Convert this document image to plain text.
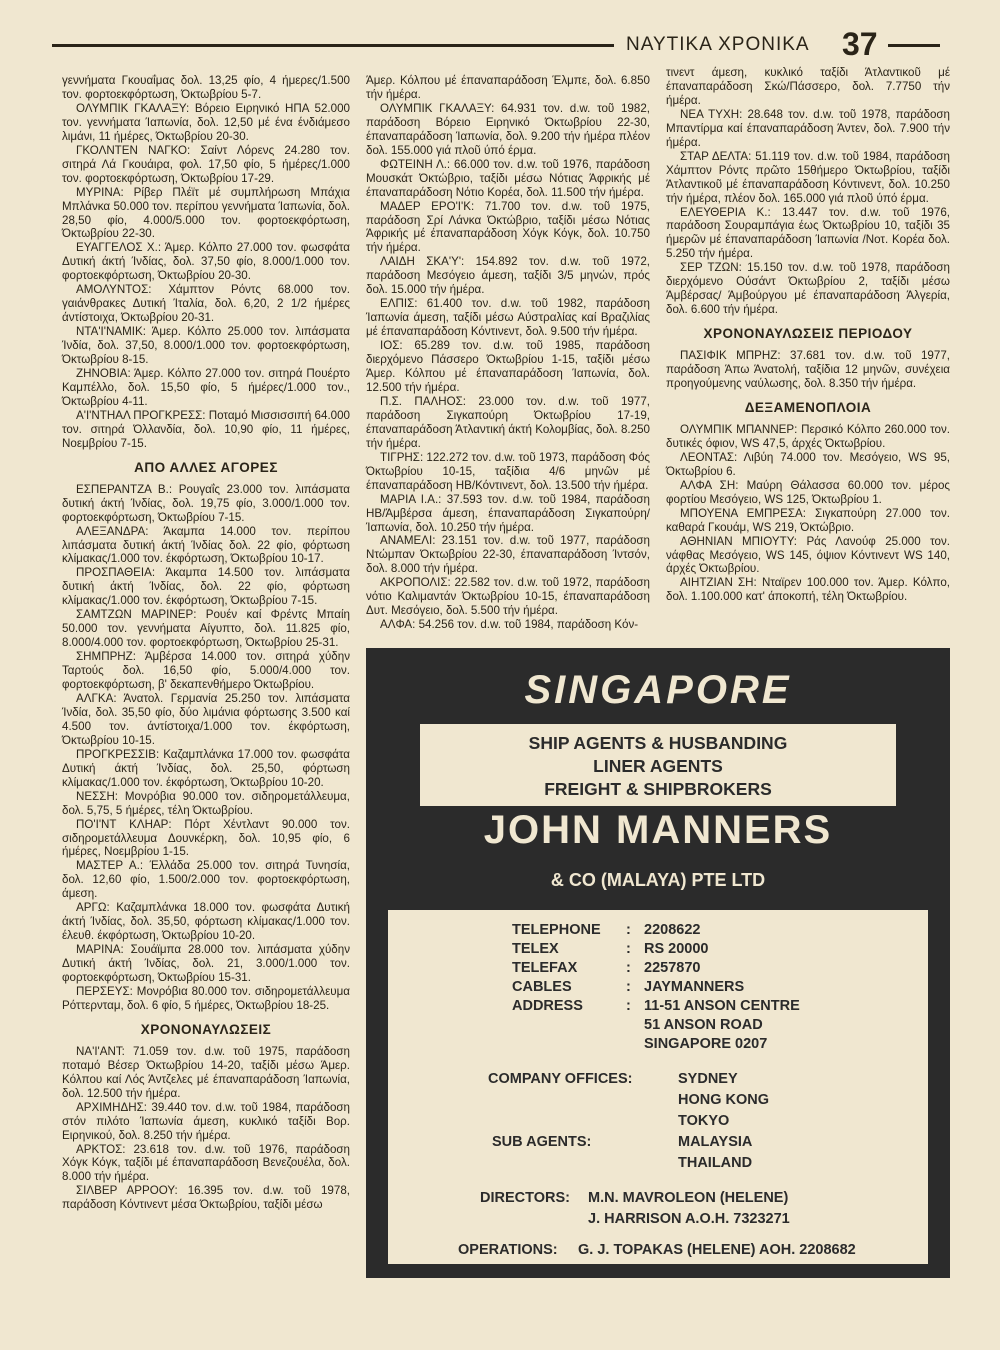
ΝΑΥΤΙΚΑ ΧΡΟΝΙΚΑ 37

γεννήματα Γκουαΐμας δολ. 13,25 φίο, 4 ήμερες/1.500 τον. φορτοεκφόρτωση, Όκτωβρίου 5-7.

ΟΛΥΜΠΙΚ ΓΚΑΛΑΞΥ: Βόρειο Ειρηνικό ΗΠΑ 52.000 τον. γεννήματα Ίαπωνία, δολ. 12,50 μέ ένα ένδιάμεσο λιμάνι, 11 ήμέρες, Όκτωβρίου 20-30.

ΓΚΟΛΝΤΕΝ ΝΑΓΚΟ: Σαίντ Λόρενς 24.280 τον. σιτηρά Λά Γκουάιρα, φολ. 17,50 φίο, 5 ήμέρες/1.000 τον. φορτοεκφόρτωση, Όκτωβρίου 17-29.

ΜΥΡΙΝΑ: Ρίβερ Πλέϊτ μέ συμπλήρωση Μπάχια Μπλάνκα 50.000 τον. περίπου γεννήματα Ίαπωνία, δολ. 28,50 φίο, 4.000/5.000 τον. φορτοεκφόρτωση, Όκτωβρίου 22-30.

ΕΥΑΓΓΕΛΟΣ Χ.: Άμερ. Κόλπο 27.000 τον. φωσφάτα Δυτική άκτή Ίνδίας, δολ. 37,50 φίο, 8.000/1.000 τον. φορτοεκφόρτωση, Όκτωβρίου 20-30.

ΑΜΟΛΥΝΤΟΣ: Χάμπτον Ρόντς 68.000 τον. γαιάνθρακες Δυτική Ίταλία, δολ. 6,20, 2 1/2 ήμέρες άντίστοιχα, Όκτωβρίου 20-31.

ΝΤΑ'Ι'ΝΑΜΙΚ: Άμερ. Κόλπο 25.000 τον. λιπάσματα Ίνδία, δολ. 37,50, 8.000/1.000 τον. φορτοεκφόρτωση, Όκτωβρίου 8-15.

ΖΗΝΟΒΙΑ: Άμερ. Κόλπο 27.000 τον. σιτηρά Πουέρτο Καμπέλλο, δολ. 15,50 φίο, 5 ήμέρες/1.000 τον., Όκτωβρίου 4-11.

Α'Ι'ΝΤΗΑΛ ΠΡΟΓΚΡΕΣΣ: Ποταμό Μισσισσιπή 64.000 τον. σιτηρά Όλλανδία, δολ. 10,90 φίο, 11 ήμέρες, Νοεμβρίου 7-15.

ΑΠΟ ΑΛΛΕΣ ΑΓΟΡΕΣ

ΕΣΠΕΡΑΝΤΖΑ Β.: Ρουγαΐς 23.000 τον. λιπάσματα δυτική άκτή Ίνδίας, δολ. 19,75 φίο, 3.000/1.000 τον. φορτοεκφόρτωση, Όκτωβρίου 7-15.

ΑΛΕΞΑΝΔΡΑ: Άκαμπα 14.000 τον. περίπου λιπάσματα δυτική άκτή Ίνδίας δολ. 22 φίο, φόρτωση κλίμακας/1.000 τον. έκφόρτωση, Όκτωβρίου 10-17.

ΠΡΟΣΠΑΘΕΙΑ: Άκαμπα 14.500 τον. λιπάσματα δυτική άκτή Ίνδίας, δολ. 22 φίο, φόρτωση κλίμακας/1.000 τον. έκφόρτωση, Όκτωβρίου 7-15.

ΣΑΜΤΖΩΝ ΜΑΡΙΝΕΡ: Ρουέν καί Φρέντς Μπαίη 50.000 τον. γεννήματα Αίγυπτο, δολ. 11.825 φίο, 8.000/4.000 τον. φορτοεκφόρτωση, Όκτωβρίου 25-31.

ΣΗΜΠΡΗΖ: Άμβέρσα 14.000 τον. σιτηρά χύδην Ταρτούς δολ. 16,50 φίο, 5.000/4.000 τον. φορτοεκφόρτωση, β' δεκαπενθήμερο Όκτωβρίου.

ΑΛΓΚΑ: Άνατολ. Γερμανία 25.250 τον. λιπάσματα Ίνδία, δολ. 35,50 φίο, δύο λιμάνια φόρτωσης 3.500 καί 4.500 τον. άντίστοιχα/1.000 τον. έκφόρτωση, Όκτωβρίου 10-15.

ΠΡΟΓΚΡΕΣΣΙΒ: Καζαμπλάνκα 17.000 τον. φωσφάτα Δυτική άκτή Ίνδίας, δολ. 25,50, φόρτωση κλίμακας/1.000 τον. έκφόρτωση, Όκτωβρίου 10-20.

ΝΕΣΣΗ: Μονρόβια 90.000 τον. σιδηρομετάλλευμα, δολ. 5,75, 5 ήμέρες, τέλη Όκτωβρίου.

ΠΟ'Ι'ΝΤ ΚΛΗΑΡ: Πόρτ Χέντλαντ 90.000 τον. σιδηρομετάλλευμα Δουνκέρκη, δολ. 10,95 φίο, 6 ήμέρες, Νοεμβρίου 1-15.

ΜΑΣΤΕΡ Α.: Έλλάδα 25.000 τον. σιτηρά Τυνησία, δολ. 12,60 φίο, 1.500/2.000 τον. φορτοεκφόρτωση, άμεση.

ΑΡΓΩ: Καζαμπλάνκα 18.000 τον. φωσφάτα Δυτική άκτή Ίνδίας, δολ. 35,50, φόρτωση κλίμακας/1.000 τον. έλευθ. έκφόρτωση, Όκτωβρίου 10-20.

ΜΑΡΙΝΑ: Σουάϊμπα 28.000 τον. λιπάσματα χύδην Δυτική άκτή Ίνδίας, δολ. 21, 3.000/1.000 τον. φορτοεκφόρτωση, Όκτωβρίου 15-31.

ΠΕΡΣΕΥΣ: Μονρόβια 80.000 τον. σιδηρομετάλλευμα Ρόττερνταμ, δολ. 6 φίο, 5 ήμέρες, Όκτωβρίου 18-25.

ΧΡΟΝΟΝΑΥΛΩΣΕΙΣ

ΝΑ'Ι'ΑΝΤ: 71.059 τον. d.w. τοῦ 1975, παράδοση ποταμό Βέσερ Όκτωβρίου 14-20, ταξίδι μέσω Άμερ. Κόλπου καί Λός Άντζελες μέ έπαναπαράδοση Ίαπωνία, δολ. 12.500 τήν ήμέρα.

ΑΡΧΙΜΗΔΗΣ: 39.440 τον. d.w. τοῦ 1984, παράδοση στόν πιλότο Ίαπωνία άμεση, κυκλικό ταξίδι Βορ. Ειρηνικού, δολ. 8.250 τήν ήμέρα.

ΑΡΚΤΟΣ: 23.618 τον. d.w. τοῦ 1976, παράδοση Χόγκ Κόγκ, ταξίδι μέ έπαναπαράδοση Βενεζουέλα, δολ. 8.000 τήν ήμέρα.

ΣΙΛΒΕΡ ΑΡΡΟΟΥ: 16.395 τον. d.w. τοῦ 1978, παράδοση Κόντινεντ μέσα Όκτωβρίου, ταξίδι μέσω

Άμερ. Κόλπου μέ έπαναπαράδοση Έλμπε, δολ. 6.850 τήν ήμέρα.

ΟΛΥΜΠΙΚ ΓΚΑΛΑΞΥ: 64.931 τον. d.w. τοῦ 1982, παράδοση Βόρειο Ειρηνικό Όκτωβρίου 22-30, έπαναπαράδοση Ίαπωνία, δολ. 9.200 τήν ήμέρα πλέον δολ. 155.000 γιά πλοῦ ύπό έρμα.

ΦΩΤΕΙΝΗ Λ.: 66.000 τον. d.w. τοῦ 1976, παράδοση Μουσκάτ Όκτώβριο, ταξίδι μέσω Νότιας Άφρικής μέ έπαναπαράδοση Νότιο Κορέα, δολ. 11.500 τήν ήμέρα.

ΜΑΔΕΡ ΕΡΟ'Ι'Κ: 71.700 τον. d.w. τοῦ 1975, παράδοση Σρί Λάνκα Όκτώβριο, ταξίδι μέσω Νότιας Άφρικής μέ έπαναπαράδοση Χόγκ Κόγκ, δολ. 10.750 τήν ήμέρα.

ΛΑΙΔΗ ΣΚΑ'Υ': 154.892 τον. d.w. τοῦ 1972, παράδοση Μεσόγειο άμεση, ταξίδι 3/5 μηνών, πρός δολ. 15.000 τήν ήμέρα.

ΕΛΠΙΣ: 61.400 τον. d.w. τοῦ 1982, παράδοση Ίαπωνία άμεση, ταξίδι μέσω Αύστραλίας καί Βραζιλίας μέ έπαναπαράδοση Κόντινεντ, δολ. 9.500 τήν ήμέρα.

ΙΟΣ: 65.289 τον. d.w. τοῦ 1985, παράδοση διερχόμενο Πάσσερο Όκτωβρίου 1-15, ταξίδι μέσω Άμερ. Κόλπου μέ έπαναπαράδοση Ίαπωνία, δολ. 12.500 τήν ήμέρα.

Π.Σ. ΠΑΛΗΟΣ: 23.000 τον. d.w. τοῦ 1977, παράδοση Σιγκαπούρη Όκτωβρίου 17-19, έπαναπαράδοση Άτλαντική άκτή Κολομβίας, δολ. 8.250 τήν ήμέρα.

ΤΙΓΡΗΣ: 122.272 τον. d.w. τοῦ 1973, παράδοση Φός Όκτωβρίου 10-15, ταξίδια 4/6 μηνῶν μέ έπαναπαράδοση ΗΒ/Κόντινεντ, δολ. 13.500 τήν ήμέρα.

ΜΑΡΙΑ Ι.Α.: 37.593 τον. d.w. τοῦ 1984, παράδοση ΗΒ/Άμβέρσα άμεση, έπαναπαράδοση Σιγκαπούρη/Ίαπωνία, δολ. 10.250 τήν ήμέρα.

ΑΝΑΜΕΛΙ: 23.151 τον. d.w. τοῦ 1977, παράδοση Ντώμπαν Όκτωβρίου 22-30, έπαναπαράδοση Ίντσόν, δολ. 8.000 τήν ήμέρα.

ΑΚΡΟΠΟΛΙΣ: 22.582 τον. d.w. τοῦ 1972, παράδοση νότιο Καλιμαντάν Όκτωβρίου 10-15, έπαναπαράδοση Δυτ. Μεσόγειο, δολ. 5.500 τήν ήμέρα.

ΑΛΦΑ: 54.256 τον. d.w. τοῦ 1984, παράδοση Κόν-

τινεντ άμεση, κυκλικό ταξίδι Άτλαντικοῦ μέ έπαναπαράδοση Σκώ/Πάσσερο, δολ. 7.7750 τήν ήμέρα.

ΝΕΑ ΤΥΧΗ: 28.648 τον. d.w. τοῦ 1978, παράδοση Μπαντίρμα καί έπαναπαράδοση Άντεν, δολ. 7.900 τήν ήμέρα.

ΣΤΑΡ ΔΕΛΤΑ: 51.119 τον. d.w. τοῦ 1984, παράδοση Χάμπτον Ρόντς πρῶτο 15θήμερο Όκτωβρίου, ταξίδι Άτλαντικοῦ μέ έπαναπαράδοση Κόντινεντ, δολ. 10.250 τήν ήμέρα, πλέον δολ. 165.000 γιά πλοῦ ύπό έρμα.

ΕΛΕΥΘΕΡΙΑ Κ.: 13.447 τον. d.w. τοῦ 1976, παράδοση Σουραμπάγια έως Όκτωβρίου 10, ταξίδι 35 ήμερῶν μέ έπαναπαράδοση Ίαπωνία /Νοτ. Κορέα δολ. 5.250 τήν ήμέρα.

ΣΕΡ ΤΖΩΝ: 15.150 τον. d.w. τοῦ 1978, παράδοση διερχόμενο Ούσάντ Όκτωβρίου 2, ταξίδι μέσω Άμβέρσας/ Άμβούργου μέ έπαναπαράδοση Άλγερία, δολ. 6.600 τήν ήμέρα.

ΧΡΟΝΟΝΑΥΛΩΣΕΙΣ ΠΕΡΙΟΔΟΥ

ΠΑΣΙΦΙΚ ΜΠΡΗΖ: 37.681 τον. d.w. τοῦ 1977, παράδοση Άπω Άνατολή, ταξίδια 12 μηνῶν, συνέχεια προηγούμενης ναύλωσης, δολ. 8.350 τήν ήμέρα.

ΔΕΞΑΜΕΝΟΠΛΟΙΑ

ΟΛΥΜΠΙΚ ΜΠΑΝΝΕΡ: Περσικό Κόλπο 260.000 τον. δυτικές όφιον, WS 47,5, άρχές Όκτωβρίου.

ΛΕΟΝΤΑΣ: Λιβύη 74.000 τον. Μεσόγειο, WS 95, Όκτωβρίου 6.

ΑΛΦΑ ΣΗ: Μαύρη Θάλασσα 60.000 τον. μέρος φορτίου Μεσόγειο, WS 125, Όκτωβρίου 1.

ΜΠΟΥΕΝΑ ΕΜΠΡΕΣΑ: Σιγκαπούρη 27.000 τον. καθαρά Γκουάμ, WS 219, Όκτώβριο.

ΑΘΗΝΙΑΝ ΜΠΙΟΥΤΥ: Ράς Λανούφ 25.000 τον. νάφθας Μεσόγειο, WS 145, όψιον Κόντινεντ WS 140, άρχές Όκτωβρίου.

ΑΙΗΤΖΙΑΝ ΣΗ: Νταϊρεν 100.000 τον. Άμερ. Κόλπο, δολ. 1.100.000 κατ' άποκοπή, τέλη Όκτωβρίου.

SINGAPORE
SHIP AGENTS & HUSBANDING
LINER AGENTS
FREIGHT & SHIPBROKERS
JOHN MANNERS
& CO (MALAYA) PTE LTD
TELEPHONE : 2208622
TELEX	: RS 20000
TELEFAX	: 2257870
CABLES	: JAYMANNERS
ADDRESS	: 11-51 ANSON CENTRE
51 ANSON ROAD
SINGAPORE 0207
COMPANY OFFICES:	SYDNEY
HONG KONG
TOKYO
SUB AGENTS:	MALAYSIA
THAILAND
DIRECTORS: M.N. MAVROLEON (HELENE)
J. HARRISON A.O.H. 7323271
OPERATIONS: G. J. TOPAKAS (HELENE) AOH. 2208682
